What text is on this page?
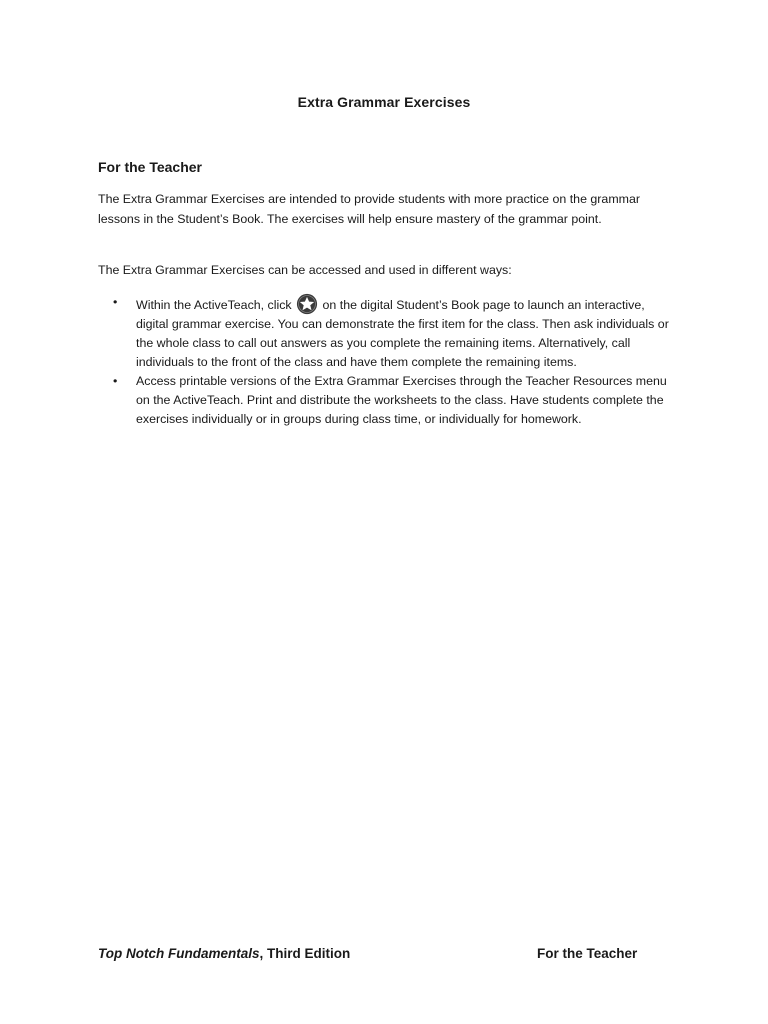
Extra Grammar Exercises
For the Teacher
The Extra Grammar Exercises are intended to provide students with more practice on the grammar lessons in the Student’s Book. The exercises will help ensure mastery of the grammar point.
The Extra Grammar Exercises can be accessed and used in different ways:
• Within the ActiveTeach, click  on the digital Student’s Book page to launch an interactive, digital grammar exercise. You can demonstrate the first item for the class. Then ask individuals or the whole class to call out answers as you complete the remaining items. Alternatively, call individuals to the front of the class and have them complete the remaining items.
• Access printable versions of the Extra Grammar Exercises through the Teacher Resources menu on the ActiveTeach. Print and distribute the worksheets to the class. Have students complete the exercises individually or in groups during class time, or individually for homework.
Top Notch Fundamentals, Third Edition	For the Teacher
